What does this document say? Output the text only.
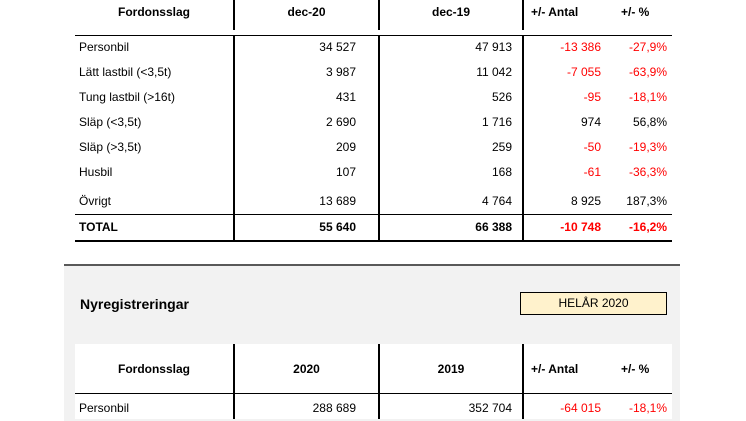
Fordonsslag	dec-20	dec-19	+/- Antal	+/- %
Personbil	34 527	47 913	-13 386	-27,9%
Lätt lastbil (<3,5t)	3 987	11 042	-7 055	-63,9%
Tung lastbil (>16t)	431	526	-95	-18,1%
Släp (<3,5t)	2 690	1 716	974	56,8%
Släp (>3,5t)	209	259	-50	-19,3%
Husbil	107	168	-61	-36,3%
Övrigt	13 689	4 764	8 925	187,3%
TOTAL	55 640	66 388	-10 748	-16,2%
Nyregistreringar	HELÅR 2020
Fordonsslag	2020	2019	+/- Antal	+/- %
Personbil	288 689	352 704	-64 015	-18,1%
